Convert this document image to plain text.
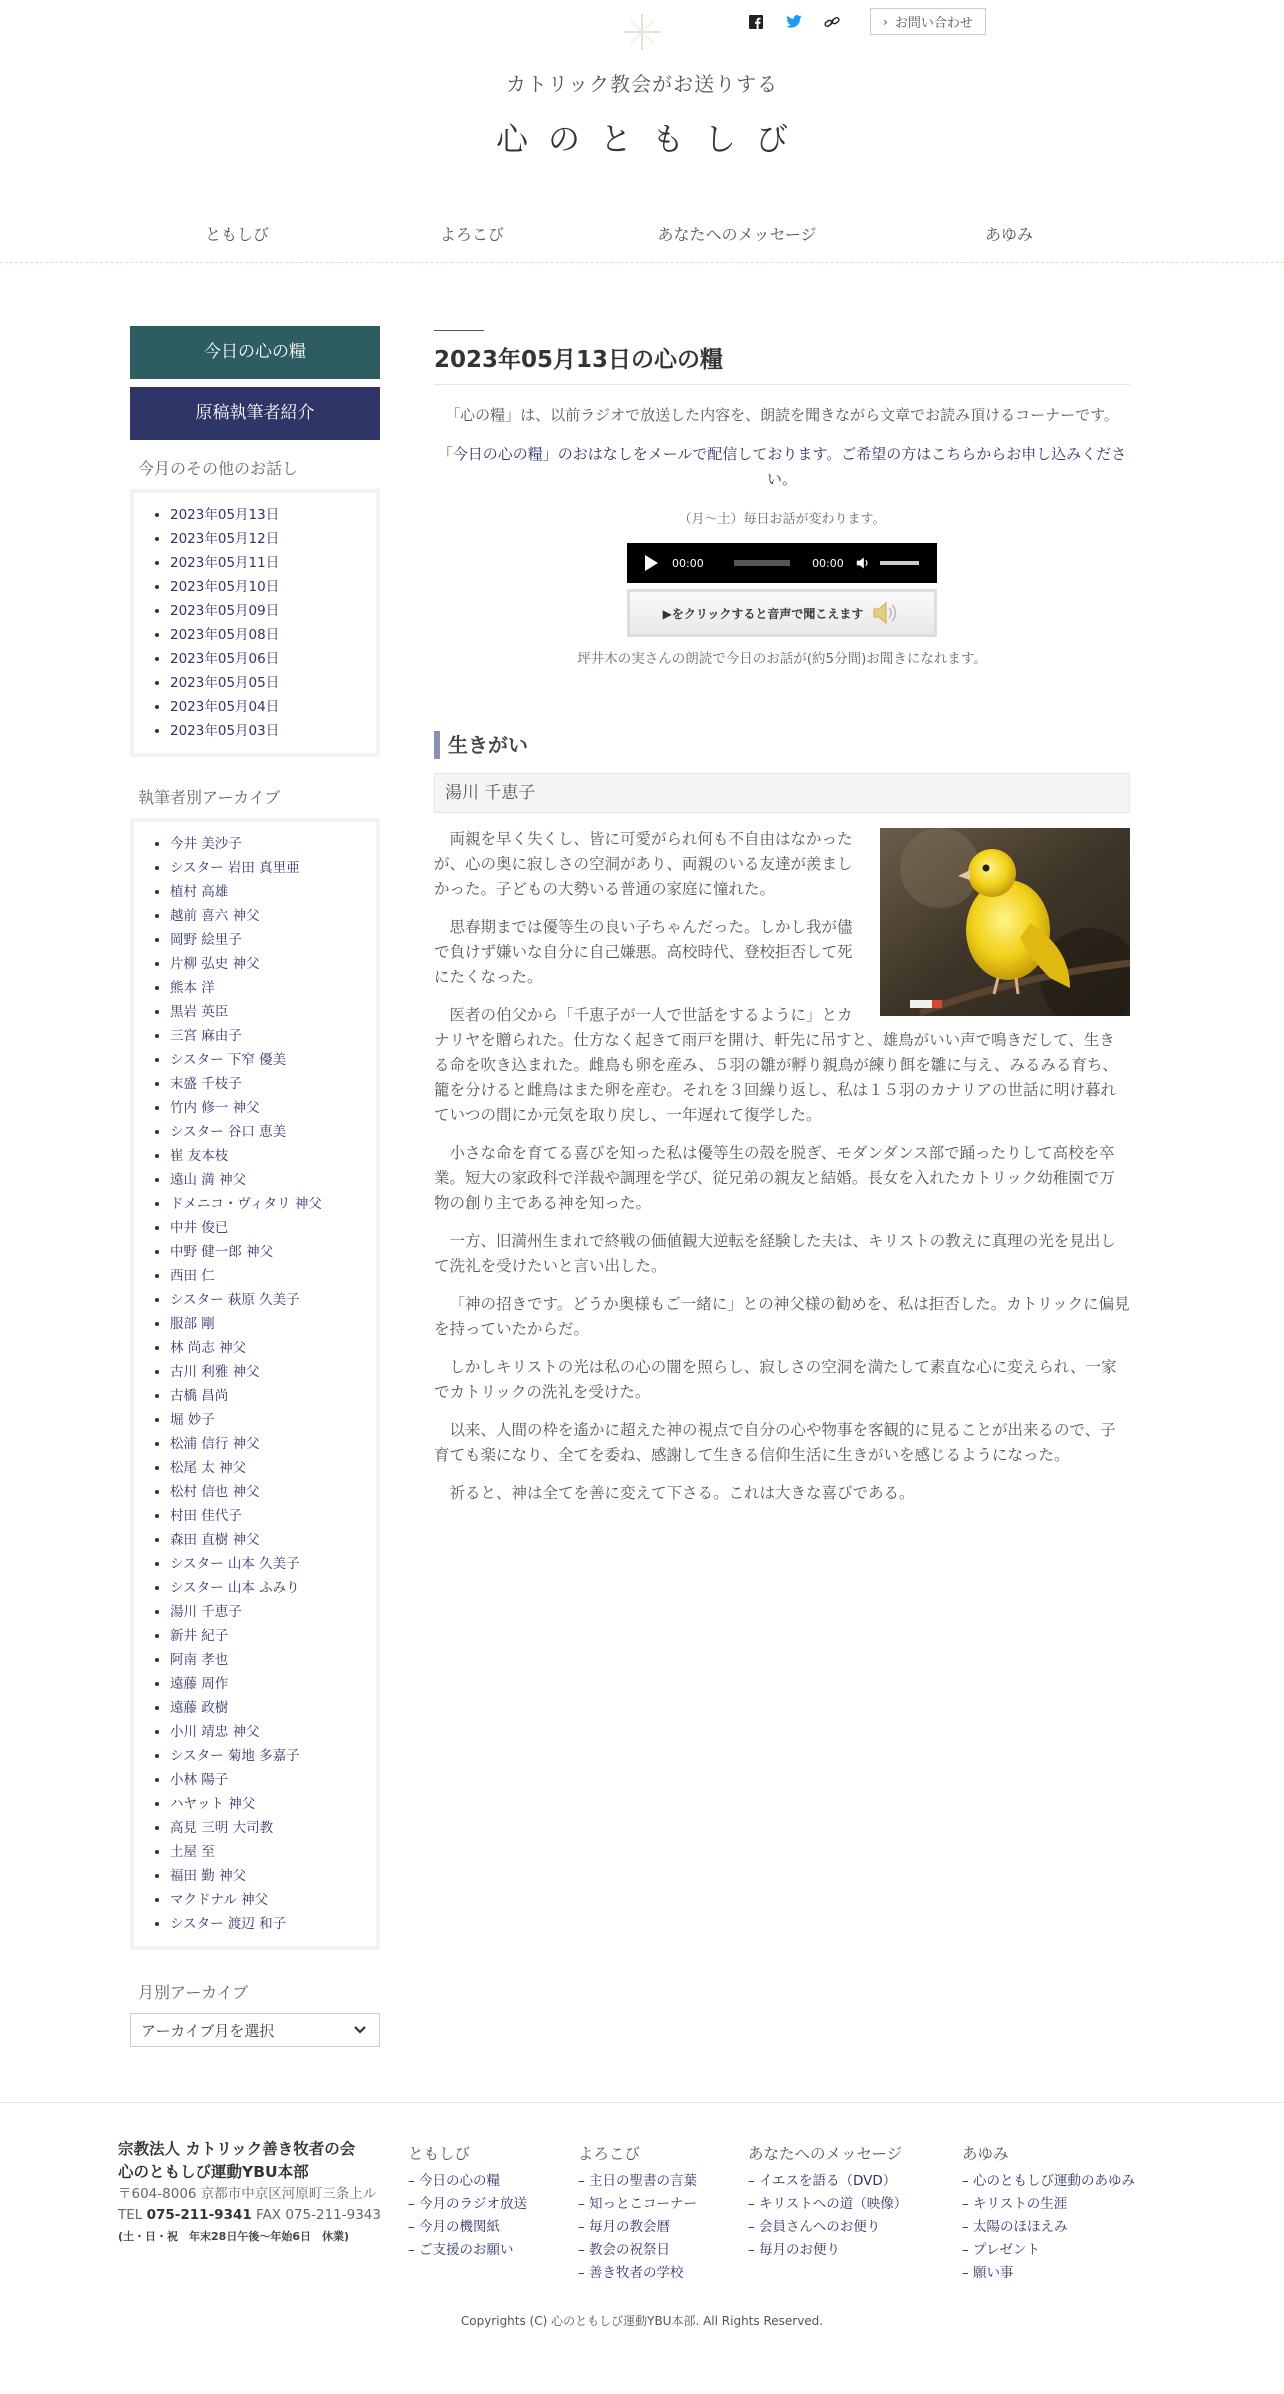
› お問い合わせ
カトリック教会がお送りする
心のともしび
ともしび	よろこび	あなたへのメッセージ	あゆみ
今日の心の糧
原稿執筆者紹介
今月のその他のお話し
• 2023年05月13日
• 2023年05月12日
• 2023年05月11日
• 2023年05月10日
• 2023年05月09日
• 2023年05月08日
• 2023年05月06日
• 2023年05月05日
• 2023年05月04日
• 2023年05月03日
執筆者別アーカイブ
• 今井 美沙子
• シスター 岩田 真里亜
• 植村 高雄
• 越前 喜六 神父
• 岡野 絵里子
• 片柳 弘史 神父
• 熊本 洋
• 黒岩 英臣
• 三宮 麻由子
• シスター 下窄 優美
• 末盛 千枝子
• 竹内 修一 神父
• シスター 谷口 恵美
• 崔 友本枝
• 遠山 満 神父
• ドメニコ・ヴィタリ 神父
• 中井 俊已
• 中野 健一郎 神父
• 西田 仁
• シスター 萩原 久美子
• 服部 剛
• 林 尚志 神父
• 古川 利雅 神父
• 古橋 昌尚
• 堀 妙子
• 松浦 信行 神父
• 松尾 太 神父
• 松村 信也 神父
• 村田 佳代子
• 森田 直樹 神父
• シスター 山本 久美子
• シスター 山本 ふみり
• 湯川 千恵子
• 新井 紀子
• 阿南 孝也
• 遠藤 周作
• 遠藤 政樹
• 小川 靖忠 神父
• シスター 菊地 多嘉子
• 小林 陽子
• ハヤット 神父
• 高見 三明 大司教
• 土屋 至
• 福田 勤 神父
• マクドナル 神父
• シスター 渡辺 和子
月別アーカイブ
アーカイブ月を選択
2023年05月13日の心の糧

「心の糧」は、以前ラジオで放送した内容を、朗読を聞きながら文章でお読み頂けるコーナーです。

「今日の心の糧」のおはなしをメールで配信しております。ご希望の方はこちらからお申し込みください。

（月～土）毎日お話が変わります。

00:00	00:00
▶をクリックすると音声で聞こえます

坪井木の実さんの朗読で今日のお話が(約5分間)お聞きになれます。

生きがい
湯川 千恵子

両親を早く失くし、皆に可愛がられ何も不自由はなかったが、心の奥に寂しさの空洞があり、両親のいる友達が羨ましかった。子どもの大勢いる普通の家庭に憧れた。

思春期までは優等生の良い子ちゃんだった。しかし我が儘で負けず嫌いな自分に自己嫌悪。高校時代、登校拒否して死にたくなった。

医者の伯父から「千恵子が一人で世話をするように」とカナリヤを贈られた。仕方なく起きて雨戸を開け、軒先に吊すと、雄鳥がいい声で鳴きだして、生きる命を吹き込まれた。雌鳥も卵を産み、５羽の雛が孵り親鳥が練り餌を雛に与え、みるみる育ち、籠を分けると雌鳥はまた卵を産む。それを３回繰り返し、私は１５羽のカナリアの世話に明け暮れていつの間にか元気を取り戻し、一年遅れて復学した。

小さな命を育てる喜びを知った私は優等生の殻を脱ぎ、モダンダンス部で踊ったりして高校を卒業。短大の家政科で洋裁や調理を学び、従兄弟の親友と結婚。長女を入れたカトリック幼稚園で万物の創り主である神を知った。

一方、旧満州生まれで終戦の価値観大逆転を経験した夫は、キリストの教えに真理の光を見出して洗礼を受けたいと言い出した。

「神の招きです。どうか奥様もご一緒に」との神父様の勧めを、私は拒否した。カトリックに偏見を持っていたからだ。

しかしキリストの光は私の心の闇を照らし、寂しさの空洞を満たして素直な心に変えられ、一家でカトリックの洗礼を受けた。

以来、人間の枠を遙かに超えた神の視点で自分の心や物事を客観的に見ることが出来るので、子育ても楽になり、全てを委ね、感謝して生きる信仰生活に生きがいを感じるようになった。

祈ると、神は全てを善に変えて下さる。これは大きな喜びである。

宗教法人 カトリック善き牧者の会
心のともしび運動YBU本部
〒604-8006 京都市中京区河原町三条上ル
TEL 075-211-9341 FAX 075-211-9343
(土・日・祝　年末28日午後〜年始6日　休業)
ともしび
– 今日の心の糧
– 今月のラジオ放送
– 今月の機関紙
– ご支援のお願い
よろこび
– 主日の聖書の言葉
– 知っとこコーナー
– 毎月の教会暦
– 教会の祝祭日
– 善き牧者の学校
あなたへのメッセージ
– イエスを語る（DVD）
– キリストへの道（映像）
– 会員さんへのお便り
– 毎月のお便り
あゆみ
– 心のともしび運動のあゆみ
– キリストの生涯
– 太陽のほほえみ
– プレゼント
– 願い事
Copyrights (C) 心のともしび運動YBU本部. All Rights Reserved.
